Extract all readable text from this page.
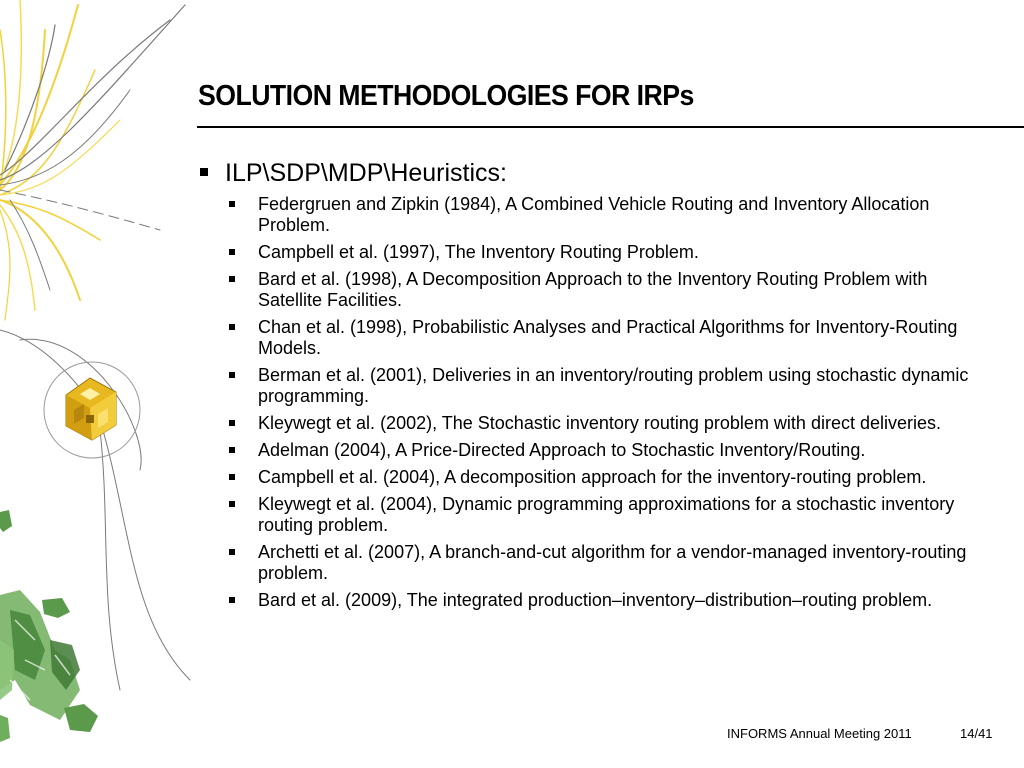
SOLUTION METHODOLOGIES FOR IRPs
ILP\SDP\MDP\Heuristics:
Federgruen and Zipkin (1984), A Combined Vehicle Routing and Inventory Allocation Problem.
Campbell et al. (1997), The Inventory Routing Problem.
Bard et al. (1998), A Decomposition Approach to the Inventory Routing Problem with Satellite Facilities.
Chan et al. (1998), Probabilistic Analyses and Practical Algorithms for Inventory-Routing Models.
Berman et al. (2001), Deliveries in an inventory/routing problem using stochastic dynamic programming.
Kleywegt et al. (2002), The Stochastic inventory routing problem with direct deliveries.
Adelman (2004), A Price-Directed Approach to Stochastic Inventory/Routing.
Campbell et al. (2004), A decomposition approach for the inventory-routing problem.
Kleywegt et al. (2004), Dynamic programming approximations for a stochastic inventory routing problem.
Archetti et al. (2007), A branch-and-cut algorithm for a vendor-managed inventory-routing problem.
Bard et al. (2009), The integrated production–inventory–distribution–routing problem.
INFORMS Annual Meeting 2011	14/41
